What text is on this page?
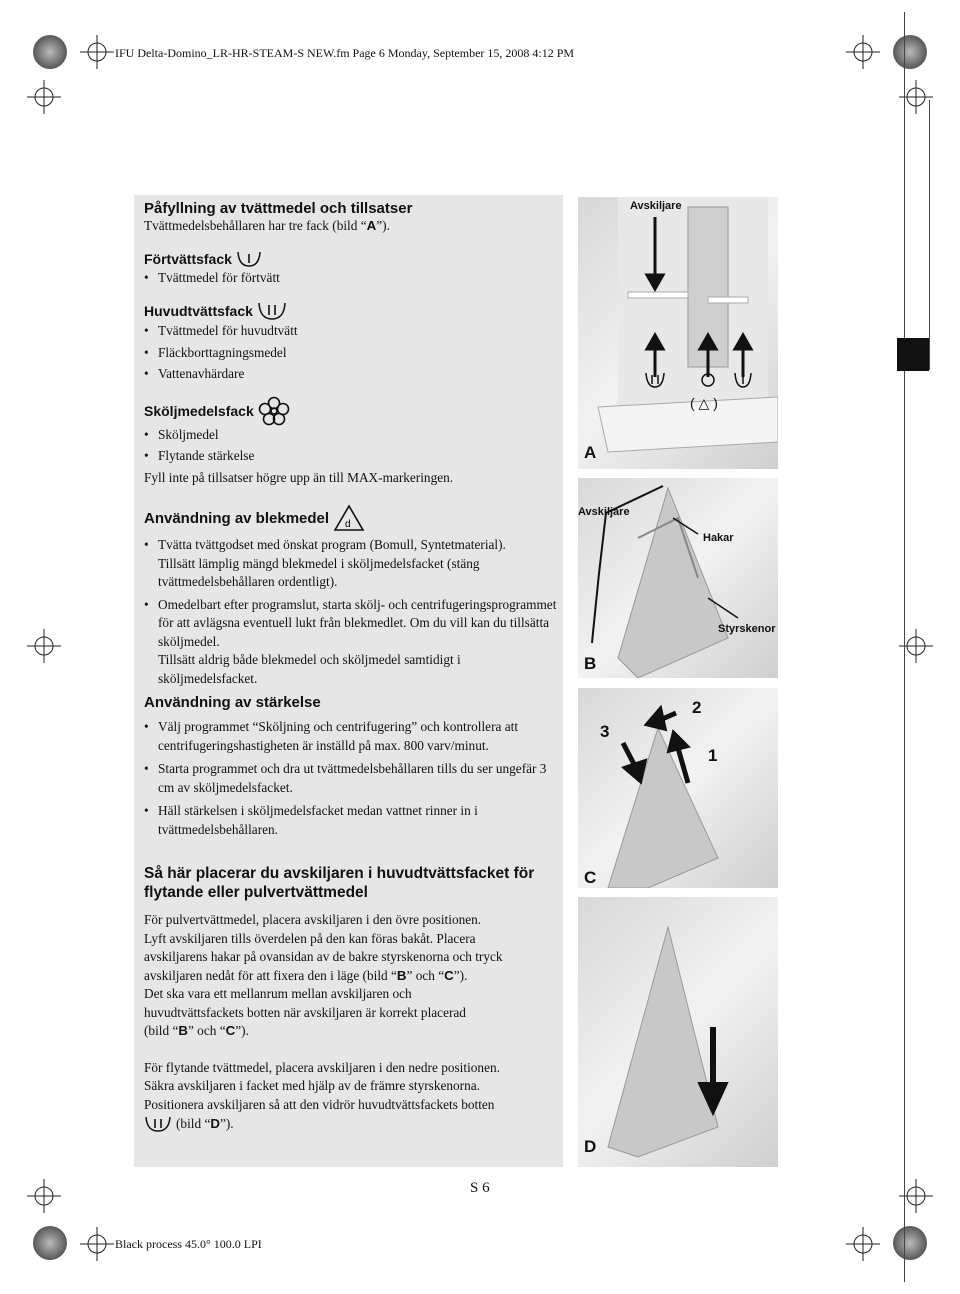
IFU Delta-Domino_LR-HR-STEAM-S NEW.fm Page 6 Monday, September 15, 2008 4:12 PM
Black process 45.0° 100.0 LPI
S 6

Påfyllning av tvättmedel och tillsatser

Tvättmedelsbehållaren har tre fack (bild “A”).

Förtvättsfack
• Tvättmedel för förtvätt
Huvudtvättsfack
• Tvättmedel för huvudtvätt
• Fläckborttagningsmedel
• Vattenavhärdare
Sköljmedelsfack
• Sköljmedel
• Flytande stärkelse

Fyll inte på tillsatser högre upp än till MAX-markeringen.

Användning av blekmedel d
• Tvätta tvättgodset med önskat program (Bomull, Syntetmaterial).

Tillsätt lämplig mängd blekmedel i sköljmedelsfacket (stäng tvättmedelsbehållaren ordentligt).

• Omedelbart efter programslut, starta skölj- och centrifugeringsprogrammet för att avlägsna eventuell lukt från blekmedlet. Om du vill kan du tillsätta sköljmedel.

Tillsätt aldrig både blekmedel och sköljmedel samtidigt i sköljmedelsfacket.

Användning av stärkelse

• Välj programmet “Sköljning och centrifugering” och kontrollera att centrifugeringshastigheten är inställd på max. 800 varv/minut.
• Starta programmet och dra ut tvättmedelsbehållaren tills du ser ungefär 3 cm av sköljmedelsfacket.
• Häll stärkelsen i sköljmedelsfacket medan vattnet rinner in i tvättmedelsbehållaren.

Så här placerar du avskiljaren i huvudtvättsfacket för flytande eller pulvertvättmedel

För pulvertvättmedel, placera avskiljaren i den övre positionen.

Lyft avskiljaren tills överdelen på den kan föras bakåt. Placera

avskiljarens hakar på ovansidan av de bakre styrskenorna och tryck

avskiljaren nedåt för att fixera den i läge (bild “B” och “C”).

Det ska vara ett mellanrum mellan avskiljaren och

huvudtvättsfackets botten när avskiljaren är korrekt placerad

(bild “B” och “C”).

För flytande tvättmedel, placera avskiljaren i den nedre positionen.

Säkra avskiljaren i facket med hjälp av de främre styrskenorna.

Positionera avskiljaren så att den vidrör huvudtvättsfackets botten

(bild “ D ”).

Avskiljare
( △ )
A
Avskiljare
Hakar
Styrskenor
B
3
2
1
C
D
